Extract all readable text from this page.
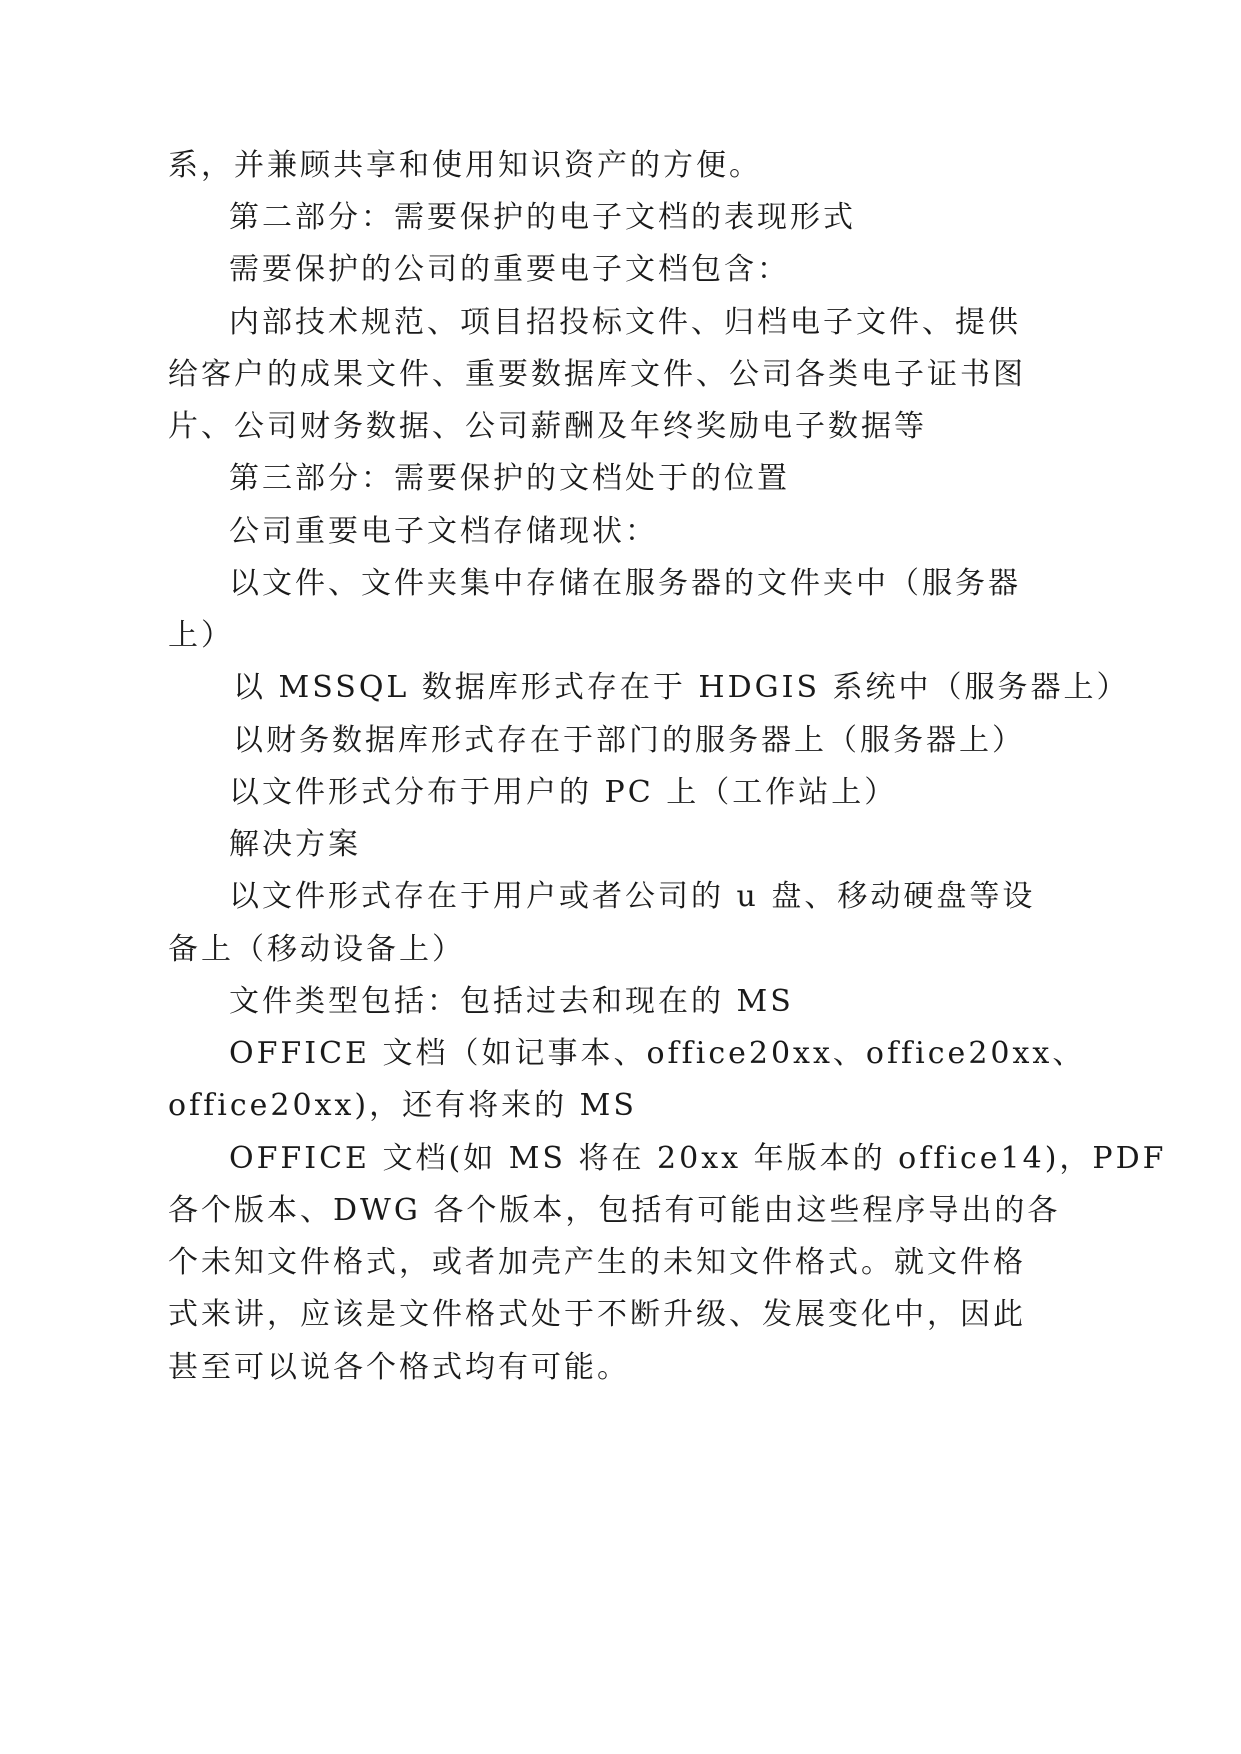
系，并兼顾共享和使用知识资产的方便。
第二部分：需要保护的电子文档的表现形式
需要保护的公司的重要电子文档包含：
内部技术规范、项目招投标文件、归档电子文件、提供
给客户的成果文件、重要数据库文件、公司各类电子证书图
片、公司财务数据、公司薪酬及年终奖励电子数据等
第三部分：需要保护的文档处于的位置
公司重要电子文档存储现状：
以文件、文件夹集中存储在服务器的文件夹中（服务器
上）
以 MSSQL 数据库形式存在于 HDGIS 系统中（服务器上）
以财务数据库形式存在于部门的服务器上（服务器上）
以文件形式分布于用户的 PC 上（工作站上）
解决方案
以文件形式存在于用户或者公司的 u 盘、移动硬盘等设
备上（移动设备上）
文件类型包括：包括过去和现在的 MS
OFFICE 文档（如记事本、office20xx、office20xx、
office20xx)，还有将来的 MS
OFFICE 文档(如 MS 将在 20xx 年版本的 office14)，PDF
各个版本、DWG 各个版本，包括有可能由这些程序导出的各
个未知文件格式，或者加壳产生的未知文件格式。就文件格
式来讲，应该是文件格式处于不断升级、发展变化中，因此
甚至可以说各个格式均有可能。
